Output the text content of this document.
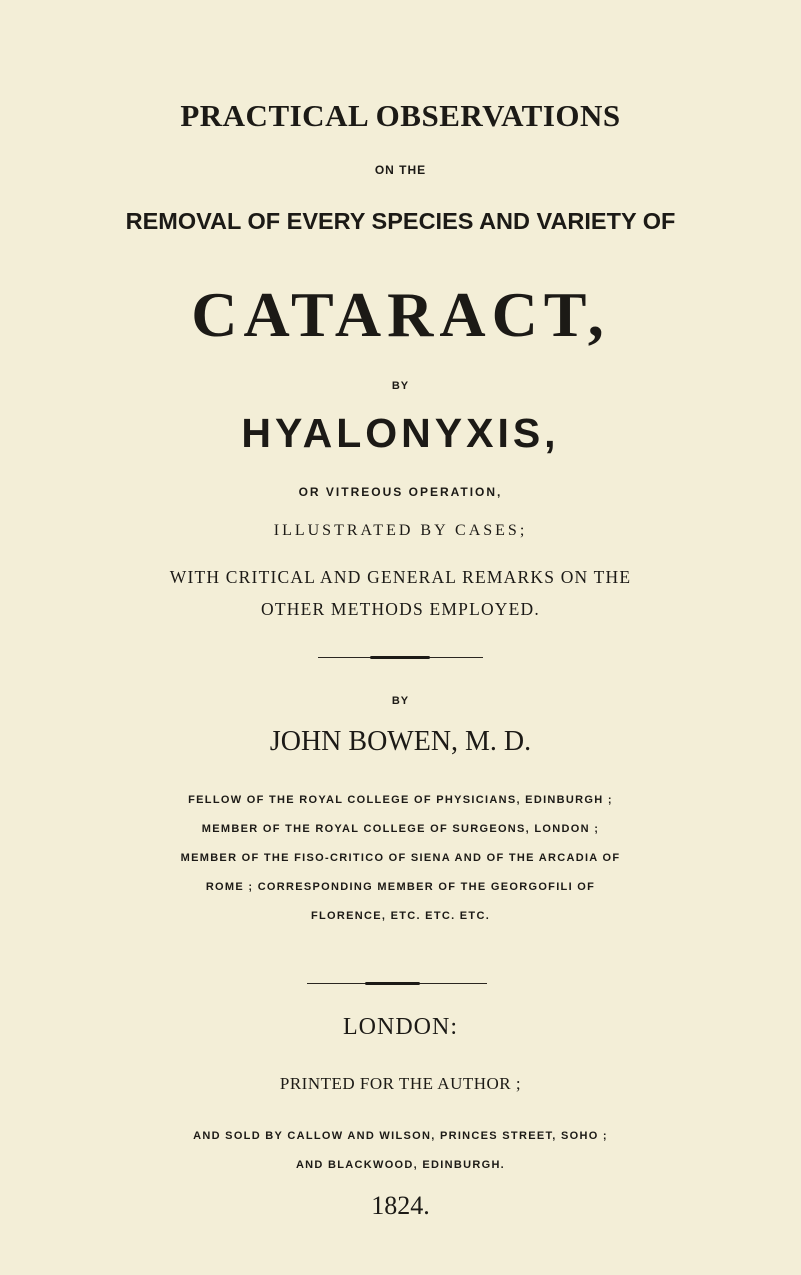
PRACTICAL OBSERVATIONS

ON THE

REMOVAL OF EVERY SPECIES AND VARIETY OF

CATARACT,

BY

HYALONYXIS,

OR VITREOUS OPERATION,

ILLUSTRATED BY CASES;

WITH CRITICAL AND GENERAL REMARKS ON THE

OTHER METHODS EMPLOYED.

BY

JOHN BOWEN, M. D.

FELLOW OF THE ROYAL COLLEGE OF PHYSICIANS, EDINBURGH ;

MEMBER OF THE ROYAL COLLEGE OF SURGEONS, LONDON ;

MEMBER OF THE FISO-CRITICO OF SIENA AND OF THE ARCADIA OF

ROME ; CORRESPONDING MEMBER OF THE GEORGOFILI OF

FLORENCE, ETC. ETC. ETC.

LONDON:

PRINTED FOR THE AUTHOR ;

AND SOLD BY CALLOW AND WILSON, PRINCES STREET, SOHO ;

AND BLACKWOOD, EDINBURGH.

1824.
